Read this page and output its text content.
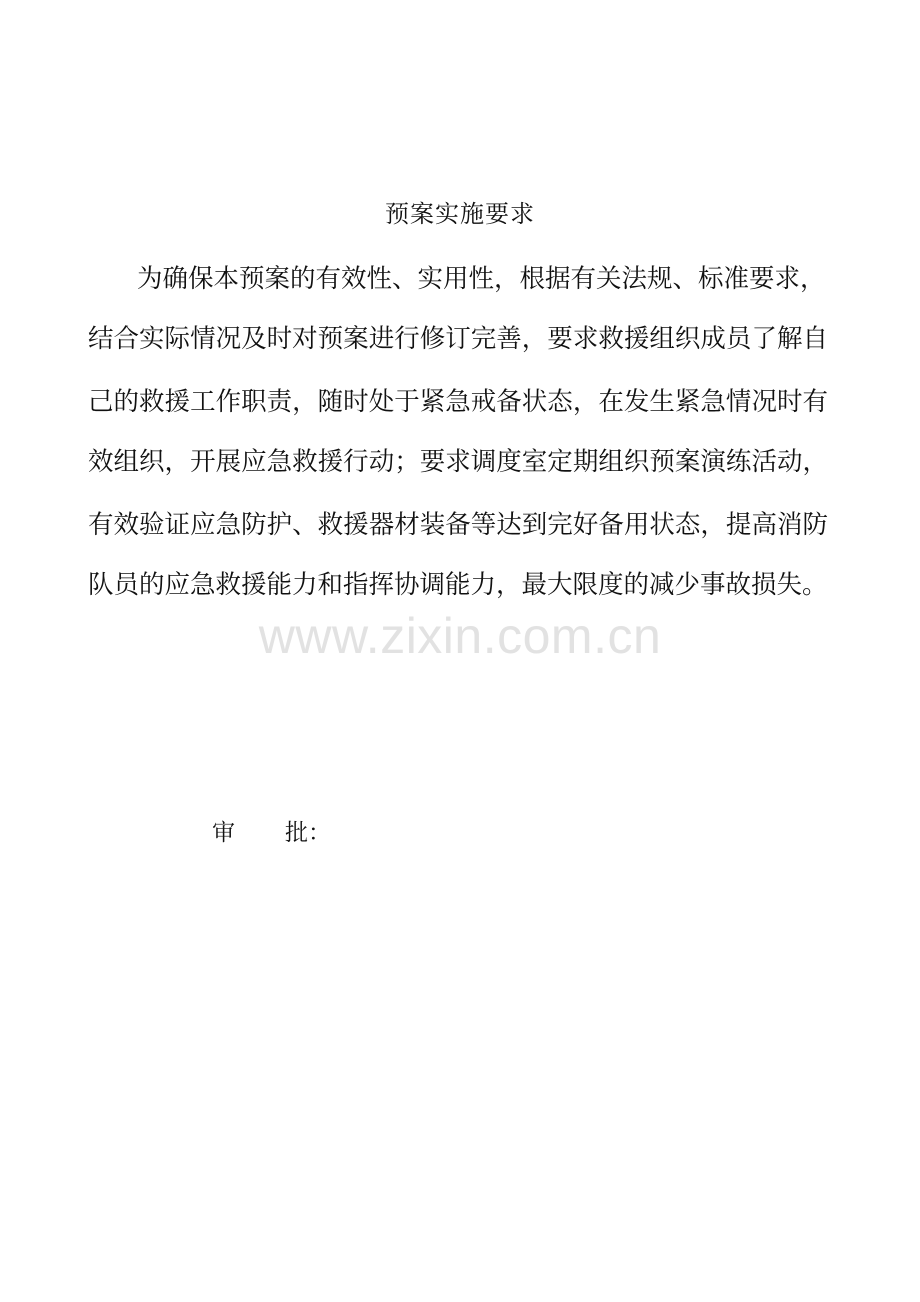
预案实施要求
为确保本预案的有效性、实用性，根据有关法规、标准要求，
结合实际情况及时对预案进行修订完善，要求救援组织成员了解自
己的救援工作职责，随时处于紧急戒备状态，在发生紧急情况时有
效组织，开展应急救援行动；要求调度室定期组织预案演练活动，
有效验证应急防护、救援器材装备等达到完好备用状态，提高消防
队员的应急救援能力和指挥协调能力，最大限度的减少事故损失。
www.zixin.com.cn
审 批：
